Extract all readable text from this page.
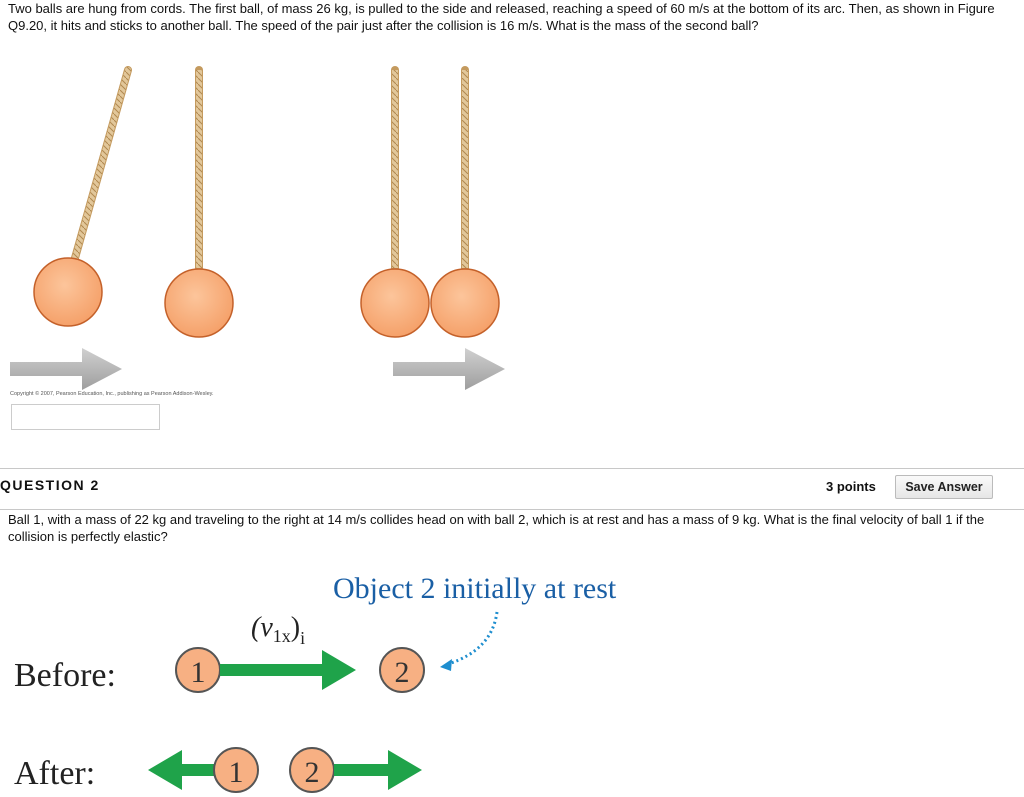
Two balls are hung from cords. The first ball, of mass 26 kg, is pulled to the side and released, reaching a speed of 60 m/s at the bottom of its arc. Then, as shown in Figure Q9.20, it hits and sticks to another ball. The speed of the pair just after the collision is 16 m/s. What is the mass of the second ball?
Copyright © 2007, Pearson Education, Inc., publishing as Pearson Addison-Wesley.
QUESTION 2	3 points	Save Answer
Ball 1, with a mass of 22 kg and traveling to the right at 14 m/s collides head on with ball 2, which is at rest and has a mass of 9 kg. What is the final velocity of ball 1 if the collision is perfectly elastic?
Object 2 initially at rest
$(v_{1x})_i$
Before: 1	2
After:	1 2
